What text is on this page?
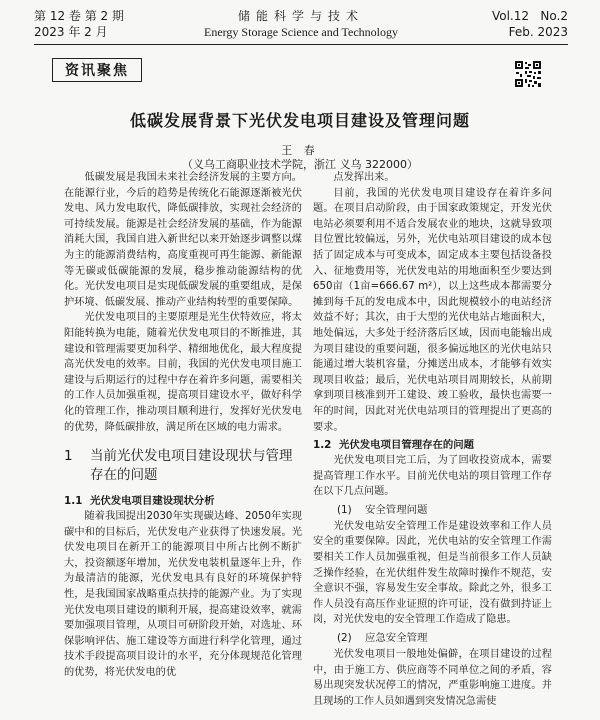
第 12 卷 第 2 期
2023 年 2 月
储能科学与技术
Energy Storage Science and Technology
Vol.12   No.2
Feb. 2023
资讯聚焦
低碳发展背景下光伏发电项目建设及管理问题
王 春
（义乌工商职业技术学院，浙江 义乌 322000）

低碳发展是我国未来社会经济发展的主要方向。在能源行业，今后的趋势是传统化石能源逐渐被光伏发电、风力发电取代，降低碳排放，实现社会经济的可持续发展。能源是社会经济发展的基础，作为能源消耗大国，我国自进入新世纪以来开始逐步调整以煤为主的能源消费结构，高度重视可再生能源、新能源等无碳或低碳能源的发展，稳步推动能源结构的优化。光伏发电项目是实现低碳发展的重要组成，是保护环境、低碳发展、推动产业结构转型的重要保障。

光伏发电项目的主要原理是光生伏特效应，将太阳能转换为电能，随着光伏发电项目的不断推进，其建设和管理需要更加科学、精细地优化，最大程度提高光伏发电的效率。目前，我国的光伏发电项目施工建设与后期运行的过程中存在着许多问题，需要相关的工作人员加强重视，提高项目建设水平，做好科学化的管理工作，推动项目顺利进行，发挥好光伏发电的优势，降低碳排放，满足所在区域的电力需求。

1	当前光伏发电项目建设现状与管理存在的问题
1.1 光伏发电项目建设现状分析

随着我国提出2030年实现碳达峰、2050年实现碳中和的目标后，光伏发电产业获得了快速发展。光伏发电项目在新开工的能源项目中所占比例不断扩大，投资额逐年增加，光伏发电装机量逐年上升，作为最清洁的能源，光伏发电具有良好的环境保护特性，是我国国家战略重点扶持的能源产业。为了实现光伏发电项目建设的顺利开展，提高建设效率，就需要加强项目管理，从项目可研阶段开始，对选址、环保影响评估、施工建设等方面进行科学化管理，通过技术手段提高项目设计的水平，充分体现规范化管理的优势，将光伏发电的优

点发挥出来。

目前，我国的光伏发电项目建设存在着许多问题。在项目启动阶段，由于国家政策规定，开发光伏电站必须要利用不适合发展农业的地块，这就导致项目位置比较偏远，另外，光伏电站项目建设的成本包括了固定成本与可变成本，固定成本主要包括设备投入、征地费用等，光伏发电站的用地面积至少要达到650亩（1亩=666.67 m²），以上这些成本都需要分摊到每千瓦的发电成本中，因此规模较小的电站经济效益不好；其次，由于大型的光伏电站占地面积大，地处偏远，大多处于经济落后区域，因而电能输出成为项目建设的重要问题，很多偏远地区的光伏电站只能通过增大装机容量，分摊送出成本，才能够有效实现项目收益；最后，光伏电站项目周期较长，从前期拿到项目核准到开工建设、竣工验收，最快也需要一年的时间，因此对光伏电站项目的管理提出了更高的要求。

1.2 光伏发电项目管理存在的问题

光伏发电项目完工后，为了回收投资成本，需要提高管理工作水平。目前光伏电站的项目管理工作存在以下几点问题。

(1) 安全管理问题

光伏发电站安全管理工作是建设效率和工作人员安全的重要保障。因此，光伏电站的安全管理工作需要相关工作人员加强重视，但是当前很多工作人员缺乏操作经验，在光伏组件发生故障时操作不规范，安全意识不强，容易发生安全事故。除此之外，很多工作人员没有高压作业证照的许可证，没有做到持证上岗，对光伏发电的安全管理工作造成了隐患。

(2) 应急安全管理

光伏发电项目一般地处偏僻，在项目建设的过程中，由于施工方、供应商等不同单位之间的矛盾，容易出现突发状况停工的情况，严重影响施工进度。并且现场的工作人员如遇到突发情况急需使
